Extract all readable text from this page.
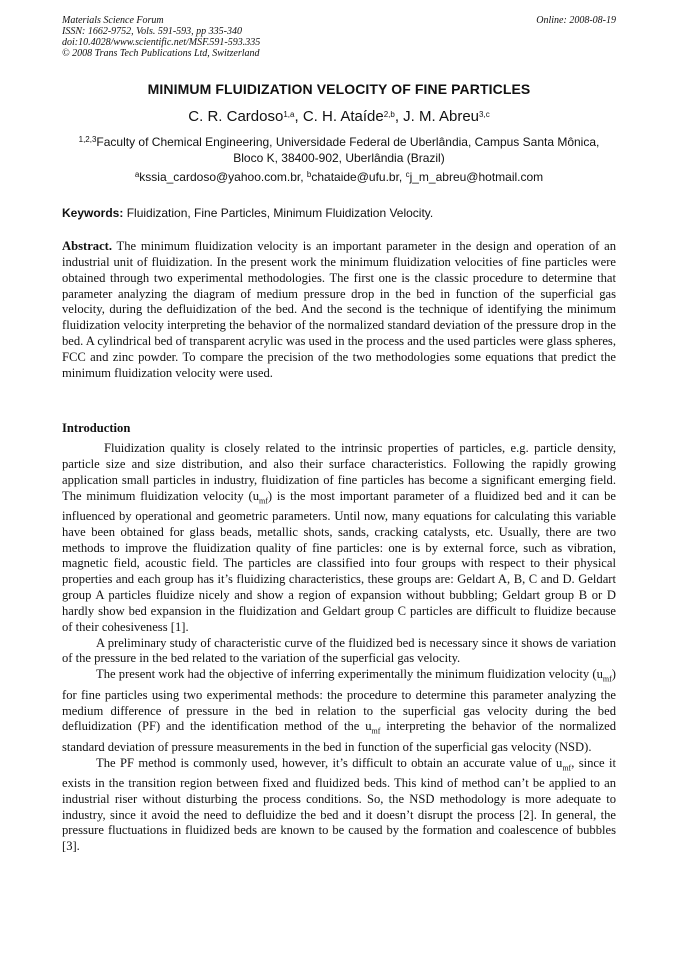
Materials Science Forum
ISSN: 1662-9752, Vols. 591-593, pp 335-340
doi:10.4028/www.scientific.net/MSF.591-593.335
© 2008 Trans Tech Publications Ltd, Switzerland
Online: 2008-08-19
MINIMUM FLUIDIZATION VELOCITY OF FINE PARTICLES
C. R. Cardoso$^{1,a}$, C. H. Ataíde$^{2,b}$, J. M. Abreu$^{3,c}$
$^{1,2,3}$Faculty of Chemical Engineering, Universidade Federal de Uberlândia, Campus Santa Mônica,
Bloco K, 38400-902, Uberlândia (Brazil)
$^a$kssia_cardoso@yahoo.com.br, $^b$chataide@ufu.br, $^c$j_m_abreu@hotmail.com
Keywords: Fluidization, Fine Particles, Minimum Fluidization Velocity.
Abstract. The minimum fluidization velocity is an important parameter in the design and operation of an industrial unit of fluidization. In the present work the minimum fluidization velocities of fine particles were obtained through two experimental methodologies. The first one is the classic procedure to determine that parameter analyzing the diagram of medium pressure drop in the bed in function of the superficial gas velocity, during the defluidization of the bed. And the second is the technique of identifying the minimum fluidization velocity interpreting the behavior of the normalized standard deviation of the pressure drop in the bed. A cylindrical bed of transparent acrylic was used in the process and the used particles were glass spheres, FCC and zinc powder. To compare the precision of the two methodologies some equations that predict the minimum fluidization velocity were used.
Introduction

Fluidization quality is closely related to the intrinsic properties of particles, e.g. particle density, particle size and size distribution, and also their surface characteristics. Following the rapidly growing application small particles in industry, fluidization of fine particles has become a significant emerging field. The minimum fluidization velocity $(u_{mf})$ is the most important parameter of a fluidized bed and it can be influenced by operational and geometric parameters. Until now, many equations for calculating this variable have been obtained for glass beads, metallic shots, sands, cracking catalysts, etc. Usually, there are two methods to improve the fluidization quality of fine particles: one is by external force, such as vibration, magnetic field, acoustic field. The particles are classified into four groups with respect to their physical properties and each group has it’s fluidizing characteristics, these groups are: Geldart A, B, C and D. Geldart group A particles fluidize nicely and show a region of expansion without bubbling; Geldart group B or D hardly show bed expansion in the fluidization and Geldart group C particles are difficult to fluidize because of their cohesiveness [1].

A preliminary study of characteristic curve of the fluidized bed is necessary since it shows de variation of the pressure in the bed related to the variation of the superficial gas velocity.

The present work had the objective of inferring experimentally the minimum fluidization velocity $(u_{mf})$ for fine particles using two experimental methods: the procedure to determine this parameter analyzing the medium difference of pressure in the bed in relation to the superficial gas velocity during the bed defluidization (PF) and the identification method of the $u_{mf}$ interpreting the behavior of the normalized standard deviation of pressure measurements in the bed in function of the superficial gas velocity (NSD).

The PF method is commonly used, however, it’s difficult to obtain an accurate value of $u_{mf}$, since it exists in the transition region between fixed and fluidized beds. This kind of method can’t be applied to an industrial riser without disturbing the process conditions. So, the NSD methodology is more adequate to industry, since it avoid the need to defluidize the bed and it doesn’t disrupt the process [2]. In general, the pressure fluctuations in fluidized beds are known to be caused by the formation and coalescence of bubbles [3].
